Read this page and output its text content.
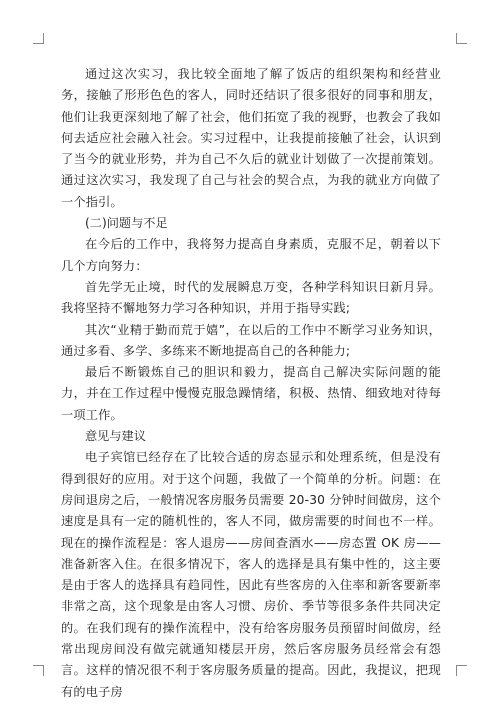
通过这次实习，我比较全面地了解了饭店的组织架构和经营业务，接触了形形色色的客人，同时还结识了很多很好的同事和朋友，他们让我更深刻地了解了社会，他们拓宽了我的视野，也教会了我如何去适应社会融入社会。实习过程中，让我提前接触了社会，认识到了当今的就业形势，并为自己不久后的就业计划做了一次提前策划。通过这次实习，我发现了自己与社会的契合点，为我的就业方向做了一个指引。

(二)问题与不足

在今后的工作中，我将努力提高自身素质，克服不足，朝着以下几个方向努力：

首先学无止境，时代的发展瞬息万变，各种学科知识日新月异。我将坚持不懈地努力学习各种知识，并用于指导实践;

其次“业精于勤而荒于嬉”，在以后的工作中不断学习业务知识，通过多看、多学、多练来不断地提高自己的各种能力;

最后不断锻炼自己的胆识和毅力，提高自己解决实际问题的能力，并在工作过程中慢慢克服急躁情绪，积极、热情、细致地对待每一项工作。

意见与建议

电子宾馆已经存在了比较合适的房态显示和处理系统，但是没有得到很好的应用。对于这个问题，我做了一个简单的分析。问题：在房间退房之后，一般情况客房服务员需要 20-30 分钟时间做房，这个速度是具有一定的随机性的，客人不同，做房需要的时间也不一样。现在的操作流程是：客人退房——房间查酒水——房态置 OK 房——准备新客入住。在很多情况下，客人的选择是具有集中性的，这主要是由于客人的选择具有趋同性，因此有些客房的入住率和新客要新率非常之高，这个现象是由客人习惯、房价、季节等很多条件共同决定的。在我们现有的操作流程中，没有给客房服务员预留时间做房，经常出现房间没有做完就通知楼层开房，然后客房服务员经常会有怨言。这样的情况很不利于客房服务质量的提高。因此，我提议，把现有的电子房
